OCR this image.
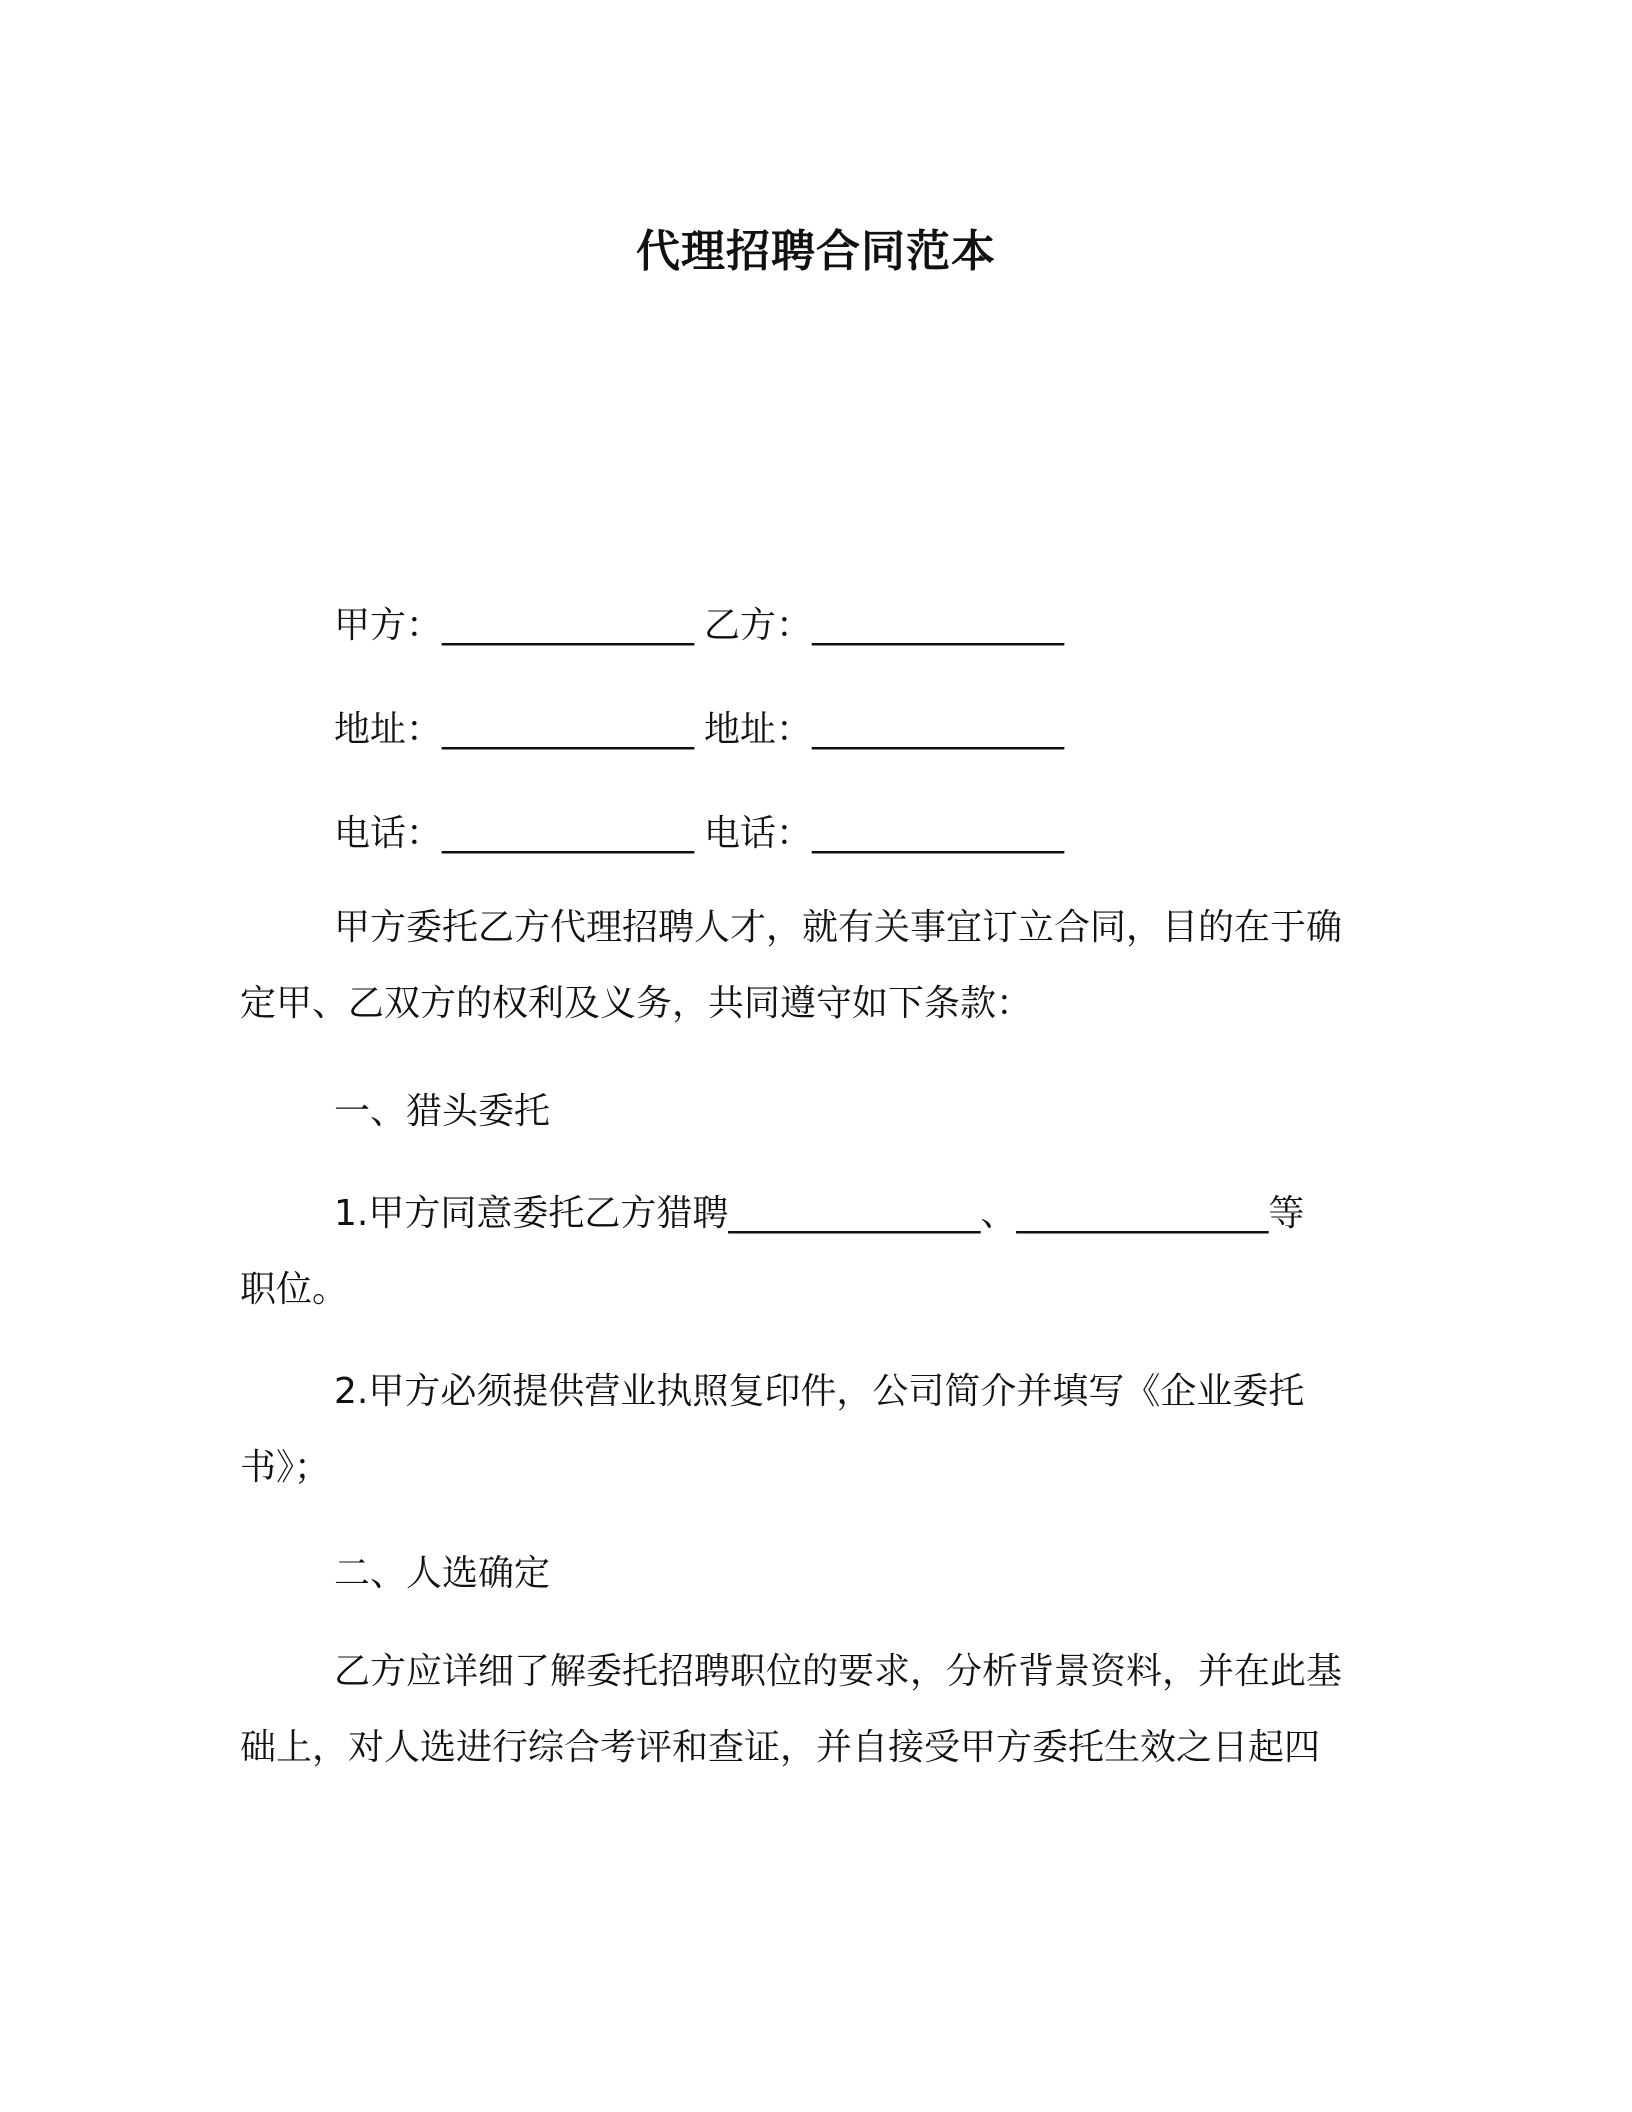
代理招聘合同范本
甲方：______________ 乙方：______________
地址：______________ 地址：______________
电话：______________ 电话：______________
甲方委托乙方代理招聘人才，就有关事宜订立合同，目的在于确
定甲、乙双方的权利及义务，共同遵守如下条款：
一、猎头委托
1.甲方同意委托乙方猎聘______________、______________等
职位。
2.甲方必须提供营业执照复印件，公司简介并填写《企业委托
书》；
二、人选确定
乙方应详细了解委托招聘职位的要求，分析背景资料，并在此基
础上，对人选进行综合考评和查证，并自接受甲方委托生效之日起四
